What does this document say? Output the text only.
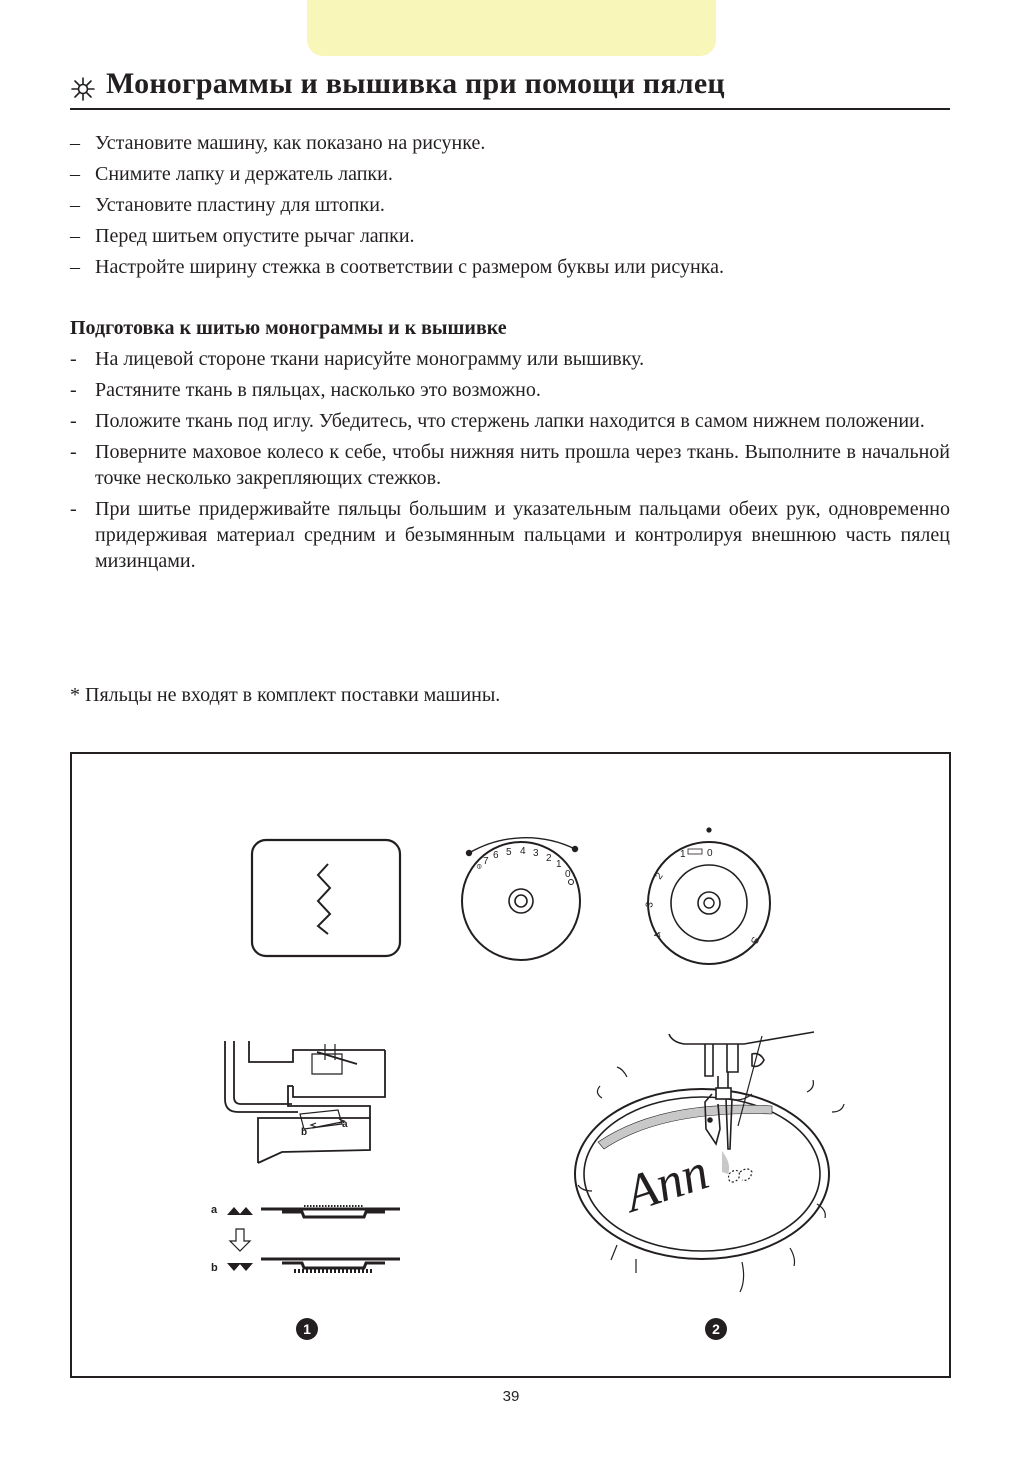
Монограммы и вышивка при помощи пялец
– Установите машину, как показано на рисунке.
– Снимите лапку и держатель лапки.
– Установите пластину для штопки.
– Перед шитьем опустите рычаг лапки.
– Настройте ширину стежка в соответствии с размером буквы или рисунка.
Подготовка к шитью монограммы и к вышивке
- На лицевой стороне ткани нарисуйте монограмму или вышивку.
- Растяните ткань в пяльцах, насколько это возможно.
- Положите ткань под иглу. Убедитесь, что стержень лапки находится в самом нижнем положении.
- Поверните маховое колесо к себе, чтобы нижняя нить прошла через ткань. Выполните в начальной точке несколько закрепляющих стежков.
- При шитье придерживайте пяльцы большим и указательным пальцами обеих рук, одновременно придерживая материал средним и безымянным пальцами и контролируя внешнюю часть пялец мизинцами.
* Пяльцы не входят в комплект поставки машины.
⊘
7
6 5 4 3 2
1
0
0
1
2
3
4
S
b
a
a
b
Ann
1	2
39
